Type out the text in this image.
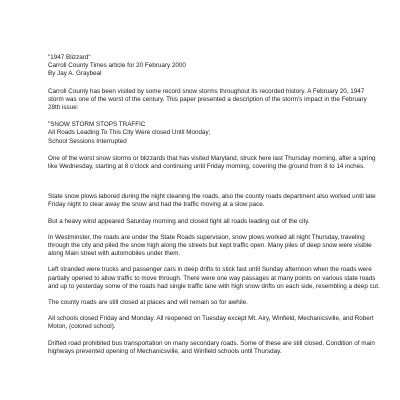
"1947 Blizzard"

Carroll County Times article for 20 February 2000

By Jay A. Graybeal

Carroll County has been visited by some record snow storms throughout its recorded history. A February 20, 1947 storm was one of the worst of the century. This paper presented a description of the storm's impact in the February 28th issue:

"SNOW STORM STOPS TRAFFIC

All Roads Leading To This City Were closed Until Monday;

School Sessions Interrupted

One of the worst snow storms or blizzards that has visited Maryland, struck here last Thursday morning, after a spring like Wednesday, starting at 8 o'clock and continuing until Friday morning, covering the ground from 8 to 14 inches.

State snow plows labored during the night cleaning the roads, also the county roads department also worked until late Friday night to clear away the snow and had the traffic moving at a slow pace.

But a heavy wind appeared Saturday morning and closed tight all roads leading out of the city.

In Westminster, the roads are under the State Roads supervision, snow plows worked all night Thursday, traveling through the city and piled the snow high along the streets but kept traffic open. Many piles of deep snow were visible along Main street with automobiles under them.

Left stranded were trucks and passenger cars in deep drifts to stick fast until Sunday afternoon when the roads were partially opened to allow traffic to move through. There were one way passages at many points on various state roads and up to yesterday some of the roads had single traffic lane with high snow drifts on each side, resembling a deep cut.

The county roads are still closed at places and will remain so for awhile.

All schools closed Friday and Monday. All reopened on Tuesday except Mt. Airy, Winfield, Mechanicsville, and Robert Moton, (colored school).

Drifted road prohibited bus transportation on many secondary roads. Some of these are still closed. Condition of main highways prevented opening of Mechanicsville, and Winfield schools until Thursday.
